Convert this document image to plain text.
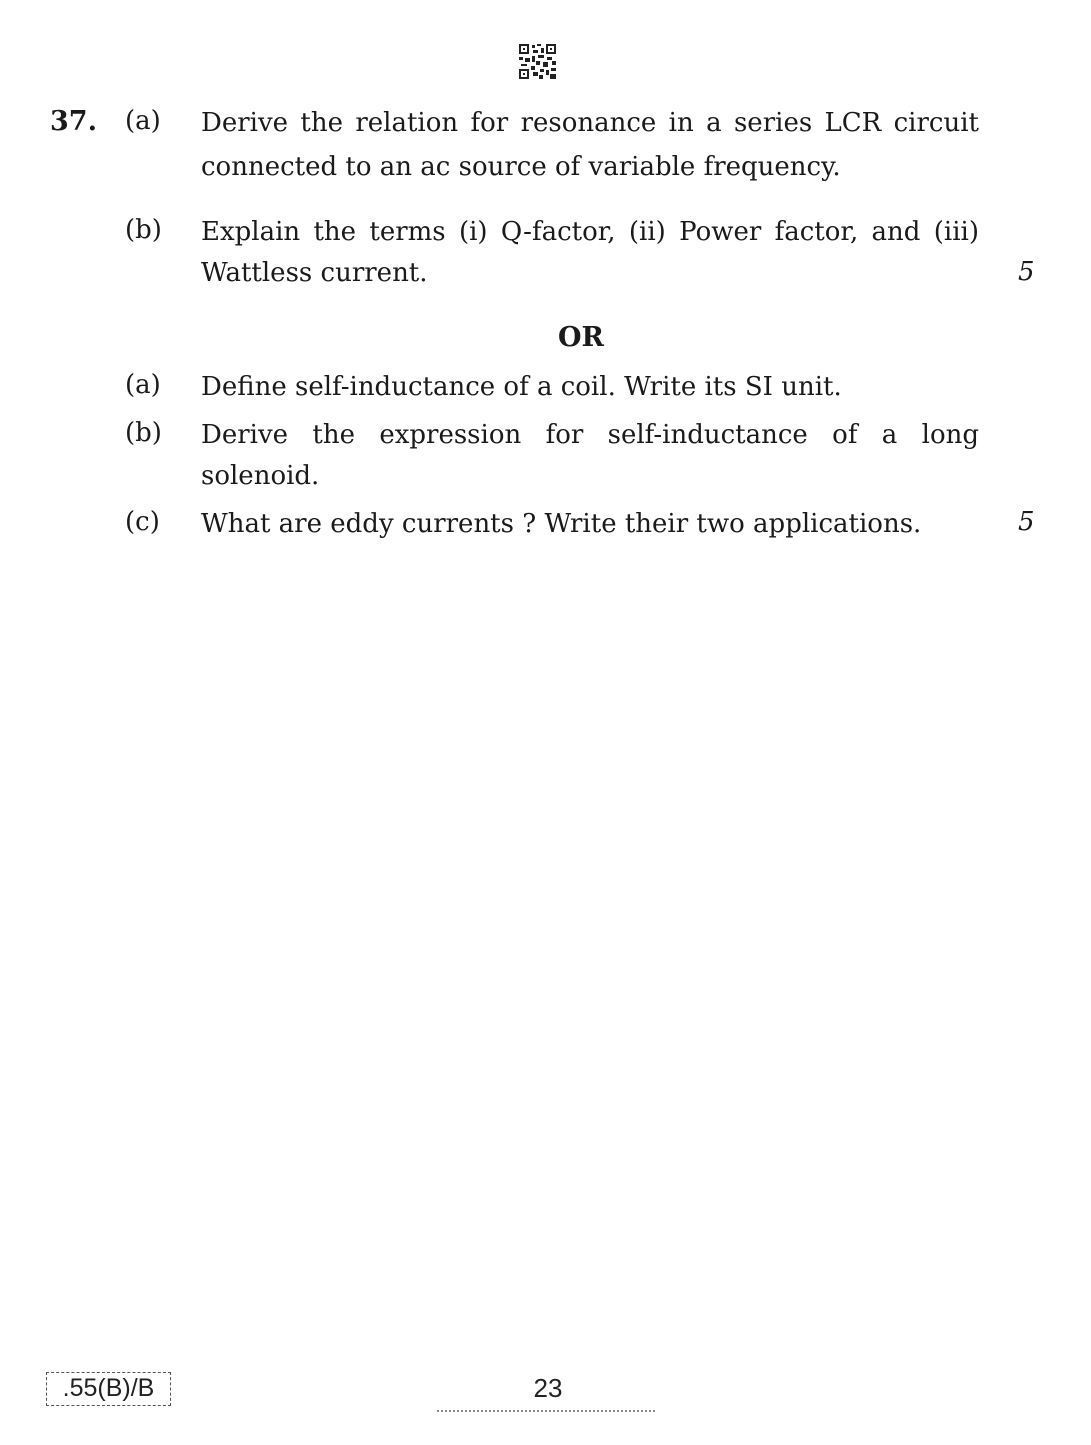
37. (a) Derive the relation for resonance in a series LCR circuit connected to an ac source of variable frequency.
(b) Explain the terms (i) Q-factor, (ii) Power factor, and (iii) Wattless current.	5
OR
(a) Define self-inductance of a coil. Write its SI unit.
(b) Derive the expression for self-inductance of a long solenoid.
(c) What are eddy currents ? Write their two applications.	5
.55(B)/B	23
